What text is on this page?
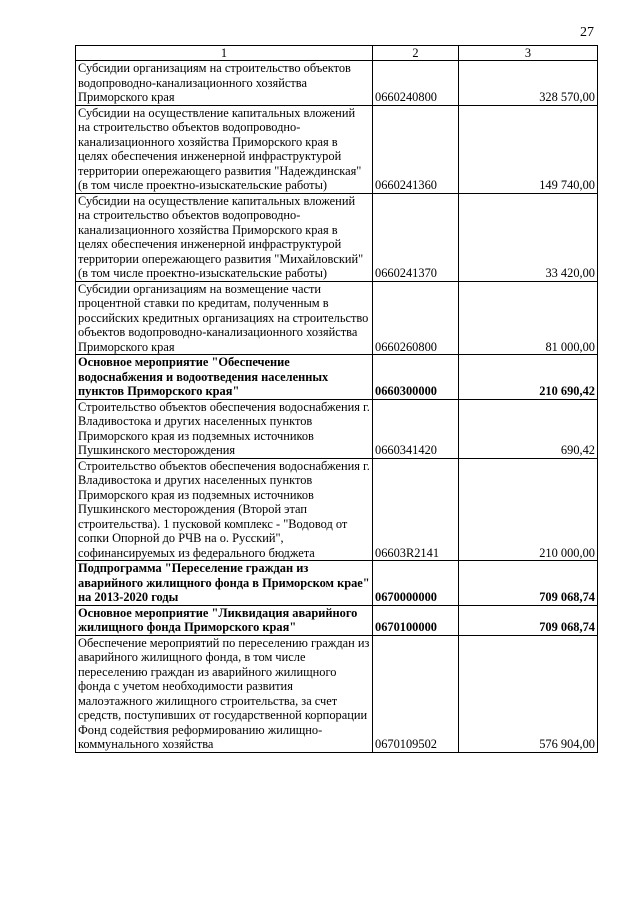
27
1	2	3
Субсидии организациям на строительство объектов водопроводно-канализационного хозяйства Приморского края	0660240800	328 570,00
Субсидии на осуществление капитальных вложений на строительство объектов водопроводно-канализационного хозяйства Приморского края в целях обеспечения инженерной инфраструктурой территории опережающего развития "Надеждинская" (в том числе проектно-изыскательские работы)	0660241360	149 740,00
Субсидии на осуществление капитальных вложений на строительство объектов водопроводно-канализационного хозяйства Приморского края в целях обеспечения инженерной инфраструктурой территории опережающего развития "Михайловский" (в том числе проектно-изыскательские работы)	0660241370	33 420,00
Субсидии организациям на возмещение части процентной ставки по кредитам, полученным в российских кредитных организациях на строительство объектов водопроводно-канализационного хозяйства Приморского края	0660260800	81 000,00
Основное мероприятие "Обеспечение водоснабжения и водоотведения населенных пунктов Приморского края"	0660300000	210 690,42
Строительство объектов обеспечения водоснабжения г. Владивостока и других населенных пунктов Приморского края из подземных источников Пушкинского месторождения	0660341420	690,42
Строительство объектов обеспечения водоснабжения г. Владивостока и других населенных пунктов Приморского края из подземных источников Пушкинского месторождения (Второй этап строительства). 1 пусковой комплекс - "Водовод от сопки Опорной до РЧВ на о. Русский", софинансируемых из федерального бюджета	06603R2141	210 000,00
Подпрограмма "Переселение граждан из аварийного жилищного фонда в Приморском крае" на 2013-2020 годы	0670000000	709 068,74
Основное мероприятие "Ликвидация аварийного жилищного фонда Приморского края"	0670100000	709 068,74
Обеспечение мероприятий по переселению граждан из аварийного жилищного фонда, в том числе переселению граждан из аварийного жилищного фонда с учетом необходимости развития малоэтажного жилищного строительства, за счет средств, поступивших от государственной корпорации Фонд содействия реформированию жилищно-коммунального хозяйства	0670109502	576 904,00
